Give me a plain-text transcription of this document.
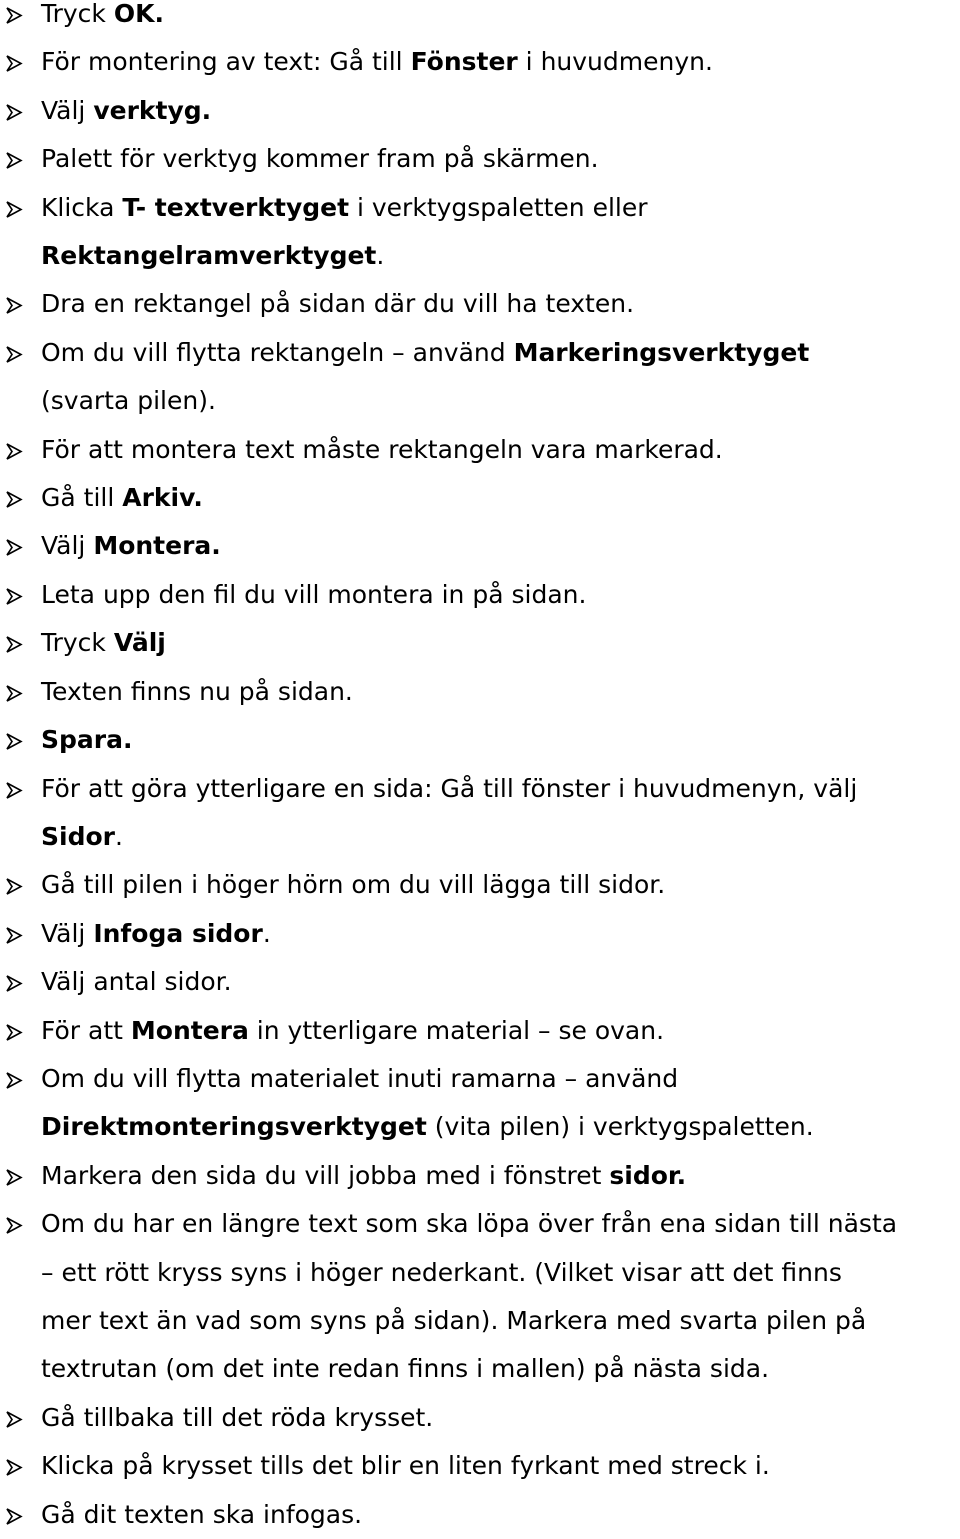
Tryck OK.
För montering av text: Gå till Fönster i huvudmenyn.
Välj verktyg.
Palett för verktyg kommer fram på skärmen.
Klicka T- textverktyget i verktygspaletten eller
Rektangelramverktyget.
Dra en rektangel på sidan där du vill ha texten.
Om du vill flytta rektangeln – använd Markeringsverktyget
(svarta pilen).
För att montera text måste rektangeln vara markerad.
Gå till Arkiv.
Välj Montera.
Leta upp den fil du vill montera in på sidan.
Tryck Välj
Texten finns nu på sidan.
Spara.
För att göra ytterligare en sida: Gå till fönster i huvudmenyn, välj
Sidor.
Gå till pilen i höger hörn om du vill lägga till sidor.
Välj Infoga sidor.
Välj antal sidor.
För att Montera in ytterligare material – se ovan.
Om du vill flytta materialet inuti ramarna – använd
Direktmonteringsverktyget (vita pilen) i verktygspaletten.
Markera den sida du vill jobba med i fönstret sidor.
Om du har en längre text som ska löpa över från ena sidan till nästa
– ett rött kryss syns i höger nederkant. (Vilket visar att det finns
mer text än vad som syns på sidan). Markera med svarta pilen på
textrutan (om det inte redan finns i mallen) på nästa sida.
Gå tillbaka till det röda krysset.
Klicka på krysset tills det blir en liten fyrkant med streck i.
Gå dit texten ska infogas.
